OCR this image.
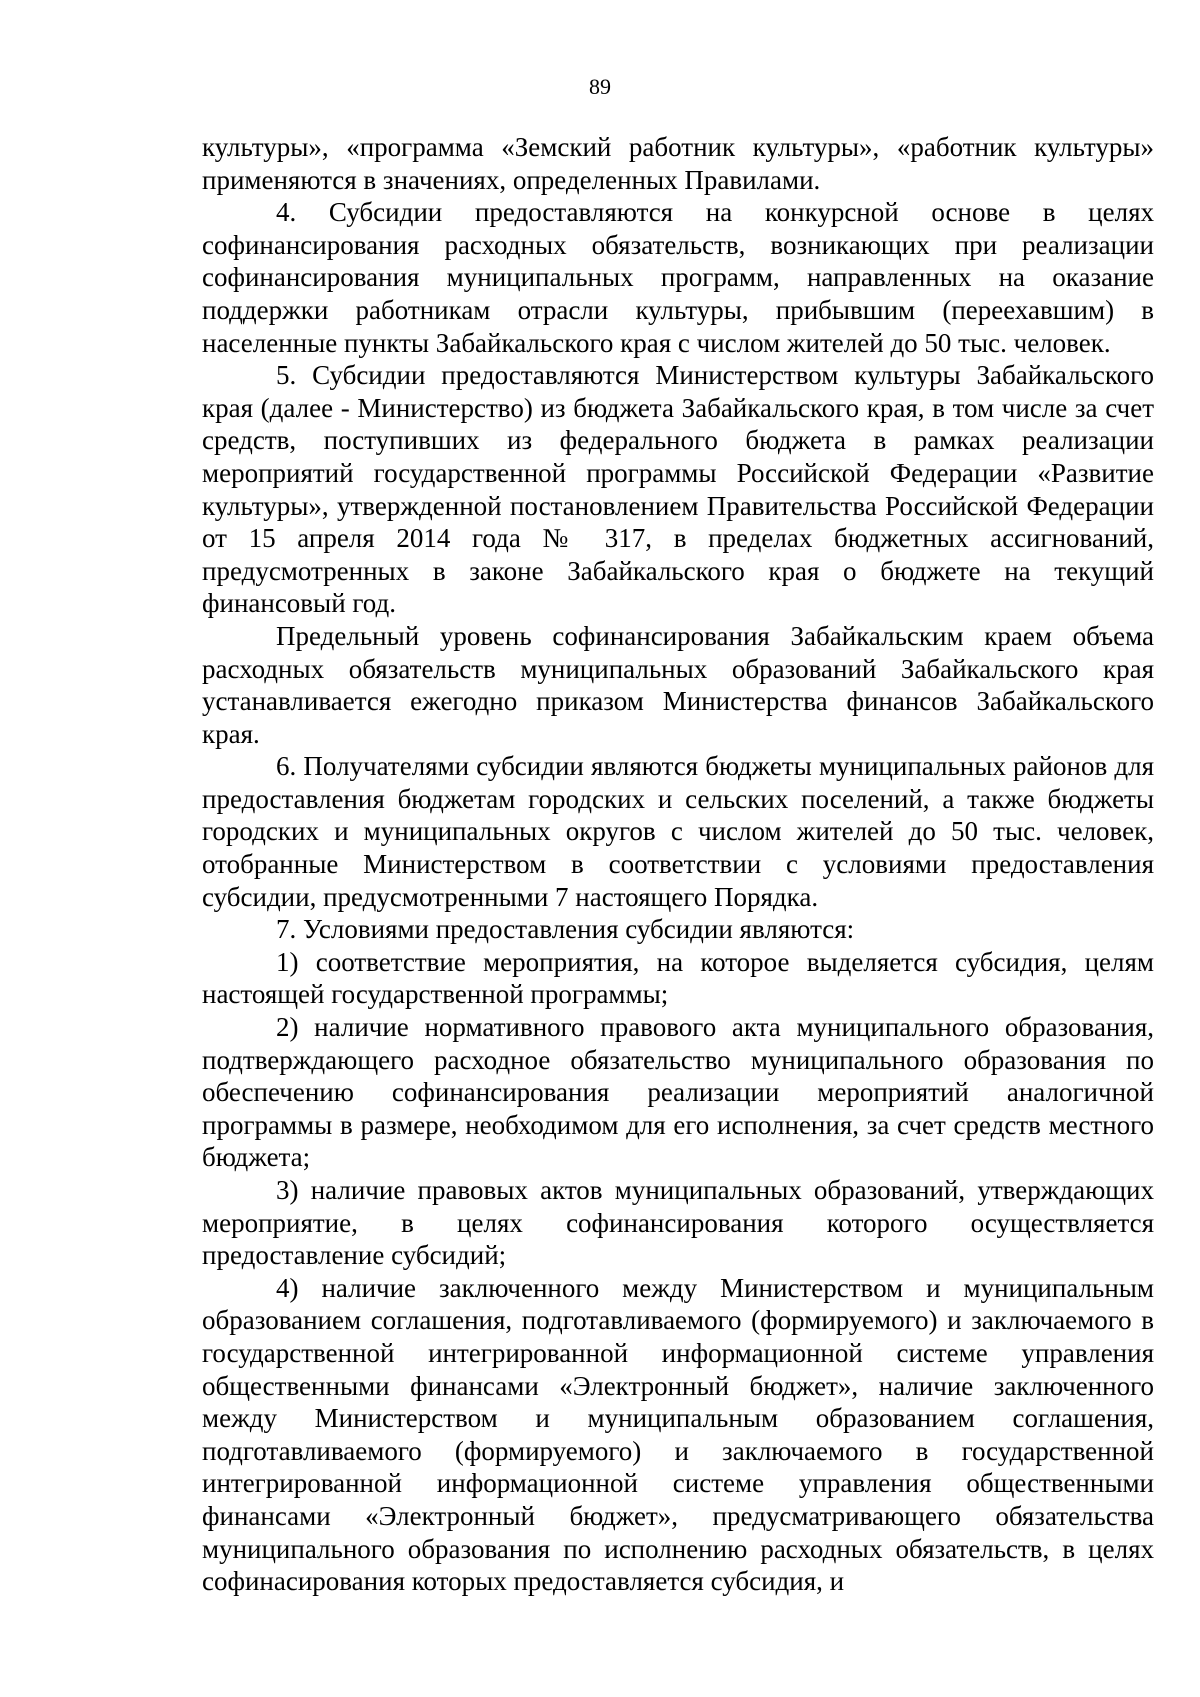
89

культуры», «программа «Земский работник культуры», «работник культуры» применяются в значениях, определенных Правилами.

4. Субсидии предоставляются на конкурсной основе в целях софинансирования расходных обязательств, возникающих при реализации софинансирования муниципальных программ, направленных на оказание поддержки работникам отрасли культуры, прибывшим (переехавшим) в населенные пункты Забайкальского края с числом жителей до 50 тыс. человек.

5. Субсидии предоставляются Министерством культуры Забайкальского края (далее - Министерство) из бюджета Забайкальского края, в том числе за счет средств, поступивших из федерального бюджета в рамках реализации мероприятий государственной программы Российской Федерации «Развитие культуры», утвержденной постановлением Правительства Российской Федерации от 15 апреля 2014 года № 317, в пределах бюджетных ассигнований, предусмотренных в законе Забайкальского края о бюджете на текущий финансовый год.

Предельный уровень софинансирования Забайкальским краем объема расходных обязательств муниципальных образований Забайкальского края устанавливается ежегодно приказом Министерства финансов Забайкальского края.

6. Получателями субсидии являются бюджеты муниципальных районов для предоставления бюджетам городских и сельских поселений, а также бюджеты городских и муниципальных округов с числом жителей до 50 тыс. человек, отобранные Министерством в соответствии с условиями предоставления субсидии, предусмотренными 7 настоящего Порядка.

7. Условиями предоставления субсидии являются:

1) соответствие мероприятия, на которое выделяется субсидия, целям настоящей государственной программы;

2) наличие нормативного правового акта муниципального образования, подтверждающего расходное обязательство муниципального образования по обеспечению софинансирования реализации мероприятий аналогичной программы в размере, необходимом для его исполнения, за счет средств местного бюджета;

3) наличие правовых актов муниципальных образований, утверждающих мероприятие, в целях софинансирования которого осуществляется предоставление субсидий;

4) наличие заключенного между Министерством и муниципальным образованием соглашения, подготавливаемого (формируемого) и заключаемого в государственной интегрированной информационной системе управления общественными финансами «Электронный бюджет», наличие заключенного между Министерством и муниципальным образованием соглашения, подготавливаемого (формируемого) и заключаемого в государственной интегрированной информационной системе управления общественными финансами «Электронный бюджет», предусматривающего обязательства муниципального образования по исполнению расходных обязательств, в целях софинасирования которых предоставляется субсидия, и
